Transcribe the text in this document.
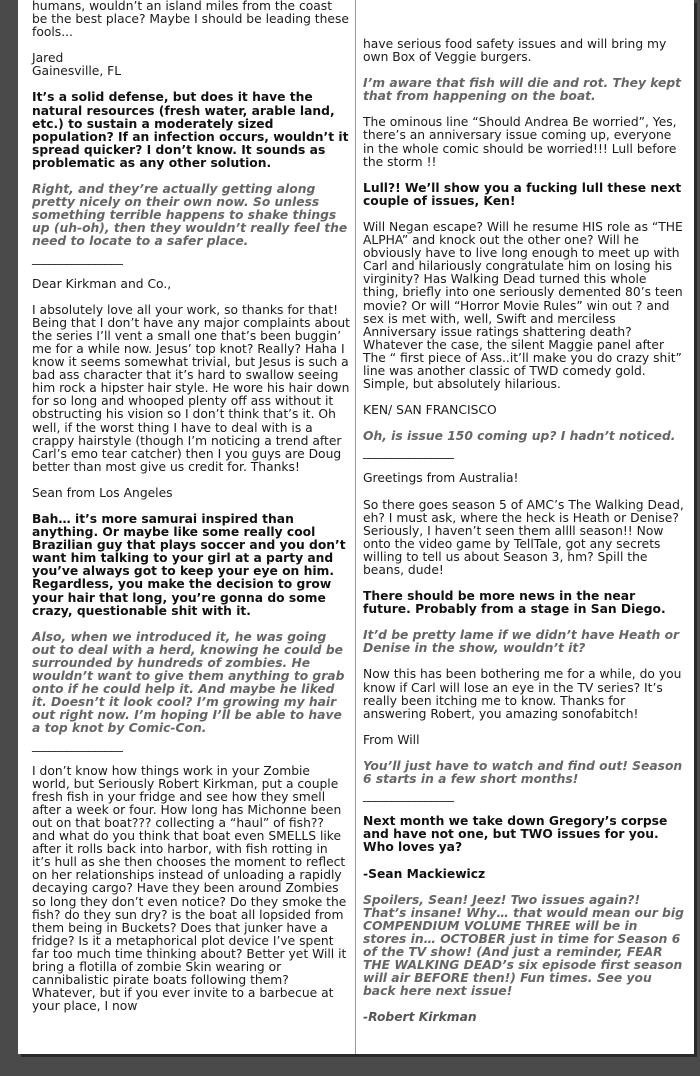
humans, wouldn’t an island miles from the coast be the best place? Maybe I should be leading these fools...

Jared
Gainesville, FL

It’s a solid defense, but does it have the natural resources (fresh water, arable land, etc.) to sustain a moderately sized population? If an infection occurs, wouldn’t it spread quicker? I don’t know. It sounds as problematic as any other solution.

Right, and they’re actually getting along pretty nicely on their own now. So unless something terrible happens to shake things up (uh-oh), then they wouldn’t really feel the need to locate to a safer place.

________________

Dear Kirkman and Co.,

I absolutely love all your work, so thanks for that! Being that I don’t have any major complaints about the series I’ll vent a small one that’s been buggin’ me for a while now. Jesus’ top knot? Really? Haha I know it seems somewhat trivial, but Jesus is such a bad ass character that it’s hard to swallow seeing him rock a hipster hair style. He wore his hair down for so long and whooped plenty off ass without it obstructing his vision so I don’t think that’s it. Oh well, if the worst thing I have to deal with is a crappy hairstyle (though I’m noticing a trend after Carl’s emo tear catcher) then I you guys are Doug better than most give us credit for. Thanks!

Sean from Los Angeles

Bah… it’s more samurai inspired than anything. Or maybe like some really cool Brazilian guy that plays soccer and you don’t want him talking to your girl at a party and you’ve always got to keep your eye on him. Regardless, you make the decision to grow your hair that long, you’re gonna do some crazy, questionable shit with it.

Also, when we introduced it, he was going out to deal with a herd, knowing he could be surrounded by hundreds of zombies. He wouldn’t want to give them anything to grab onto if he could help it. And maybe he liked it. Doesn’t it look cool? I’m growing my hair out right now. I’m hoping I’ll be able to have a top knot by Comic-Con.

________________

I don’t know how things work in your Zombie world, but Seriously Robert Kirkman, put a couple fresh fish in your fridge and see how they smell after a week or four. How long has Michonne been out on that boat??? collecting a “haul” of fish?? and what do you think that boat even SMELLS like after it rolls back into harbor, with fish rotting in it’s hull as she then chooses the moment to reflect on her relationships instead of unloading a rapidly decaying cargo? Have they been around Zombies so long they don’t even notice? Do they smoke the fish? do they sun dry? is the boat all lopsided from them being in Buckets? Does that junker have a fridge? Is it a metaphorical plot device I’ve spent far too much time thinking about? Better yet Will it bring a flotilla of zombie Skin wearing or cannibalistic pirate boats following them? Whatever, but if you ever invite to a barbecue at your place, I now

have serious food safety issues and will bring my own Box of Veggie burgers.

I’m aware that fish will die and rot. They kept that from happening on the boat.

The ominous line “Should Andrea Be worried”, Yes, there’s an anniversary issue coming up, everyone in the whole comic should be worried!!! Lull before the storm !!

Lull?! We’ll show you a fucking lull these next couple of issues, Ken!

Will Negan escape? Will he resume HIS role as “THE ALPHA” and knock out the other one? Will he obviously have to live long enough to meet up with Carl and hilariously congratulate him on losing his virginity? Has Walking Dead turned this whole thing, briefly into one seriously demented 80’s teen movie? Or will “Horror Movie Rules” win out ? and sex is met with, well, Swift and merciless Anniversary issue ratings shattering death? Whatever the case, the silent Maggie panel after The “ first piece of Ass..it’ll make you do crazy shit” line was another classic of TWD comedy gold. Simple, but absolutely hilarious.

KEN/ SAN FRANCISCO

Oh, is issue 150 coming up? I hadn’t noticed.

________________

Greetings from Australia!

So there goes season 5 of AMC’s The Walking Dead, eh? I must ask, where the heck is Heath or Denise? Seriously, I haven’t seen them allll season!! Now onto the video game by TellTale, got any secrets willing to tell us about Season 3, hm? Spill the beans, dude!

There should be more news in the near future. Probably from a stage in San Diego.

It’d be pretty lame if we didn’t have Heath or Denise in the show, wouldn’t it?

Now this has been bothering me for a while, do you know if Carl will lose an eye in the TV series? It’s really been itching me to know. Thanks for answering Robert, you amazing sonofabitch!

From Will

You’ll just have to watch and find out! Season 6 starts in a few short months!

________________

Next month we take down Gregory’s corpse and have not one, but TWO issues for you. Who loves ya?

-Sean Mackiewicz

Spoilers, Sean! Jeez! Two issues again?! That’s insane! Why… that would mean our big COMPENDIUM VOLUME THREE will be in stores in… OCTOBER just in time for Season 6 of the TV show! (And just a reminder, FEAR THE WALKING DEAD’s six episode first season will air BEFORE then!) Fun times. See you back here next issue!

-Robert Kirkman
